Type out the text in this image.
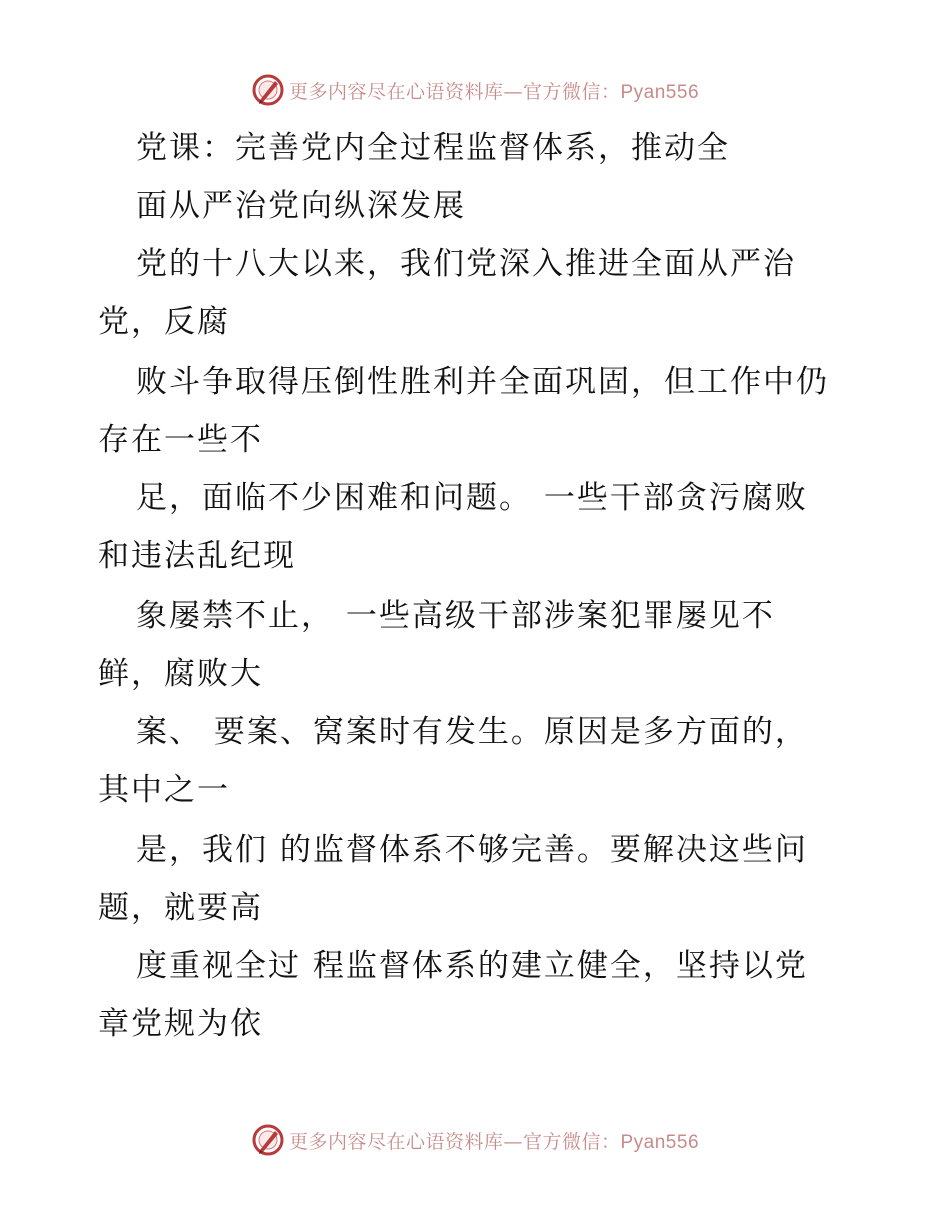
更多内容尽在心语资料库—官方微信：Pyan556
党课：完善党内全过程监督体系，推动全
面从严治党向纵深发展
党的十八大以来，我们党深入推进全面从严治
党，反腐
败斗争取得压倒性胜利并全面巩固，但工作中仍
存在一些不
足，面临不少困难和问题。 一些干部贪污腐败
和违法乱纪现
象屡禁不止， 一些高级干部涉案犯罪屡见不
鲜，腐败大
案、 要案、窝案时有发生。原因是多方面的，
其中之一
是，我们 的监督体系不够完善。要解决这些问
题，就要高
度重视全过 程监督体系的建立健全，坚持以党
章党规为依
更多内容尽在心语资料库—官方微信：Pyan556
